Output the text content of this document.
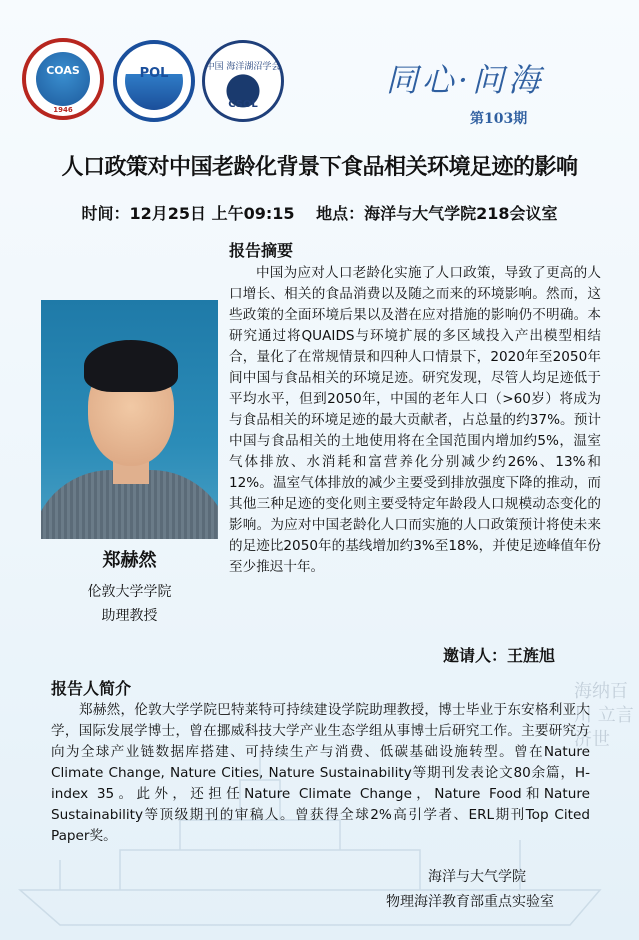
COAS
1946
POL	中国 海洋湖沼学会
CSOL
同心·问海
第103期
人口政策对中国老龄化背景下食品相关环境足迹的影响
时间：12月25日 上午09:15　 地点：海洋与大气学院218会议室
郑赫然
伦敦大学学院
助理教授
报告摘要
中国为应对人口老龄化实施了人口政策，导致了更高的人口增长、相关的食品消费以及随之而来的环境影响。然而，这些政策的全面环境后果以及潜在应对措施的影响仍不明确。本研究通过将QUAIDS与环境扩展的多区域投入产出模型相结合，量化了在常规情景和四种人口情景下，2020年至2050年间中国与食品相关的环境足迹。研究发现，尽管人均足迹低于平均水平，但到2050年，中国的老年人口（>60岁）将成为与食品相关的环境足迹的最大贡献者，占总量的约37%。预计中国与食品相关的土地使用将在全国范围内增加约5%，温室气体排放、水消耗和富营养化分别减少约26%、13%和12%。温室气体排放的减少主要受到排放强度下降的推动，而其他三种足迹的变化则主要受特定年龄段人口规模动态变化的影响。为应对中国老龄化人口而实施的人口政策预计将使未来的足迹比2050年的基线增加约3%至18%，并使足迹峰值年份至少推迟十年。
邀请人：王旌旭
海纳百川 立言济世
报告人简介
郑赫然，伦敦大学学院巴特莱特可持续建设学院助理教授，博士毕业于东安格利亚大学，国际发展学博士，曾在挪威科技大学产业生态学组从事博士后研究工作。主要研究方向为全球产业链数据库搭建、可持续生产与消费、低碳基础设施转型。曾在Nature Climate Change, Nature Cities, Nature Sustainability等期刊发表论文80余篇，H-index 35。此外，还担任Nature Climate Change，Nature Food和Nature Sustainability等顶级期刊的审稿人。曾获得全球2%高引学者、ERL期刊Top Cited Paper奖。
海洋与大气学院
物理海洋教育部重点实验室
